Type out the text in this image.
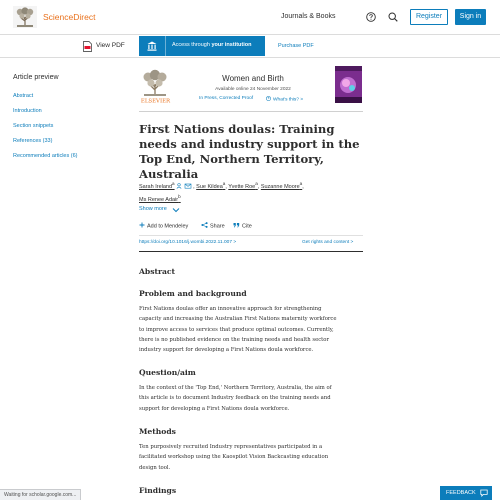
ScienceDirect	Journals & Books	Register	Sign in
View PDF	Access through your institution	Purchase PDF
Article preview
Abstract
Introduction
Section snippets
References (33)
Recommended articles (6)
ELSEVIER
Women and Birth
Available online 24 November 2022
In Press, Corrected Proof	What's this? >
First Nations doulas: Training needs and industry support in the Top End, Northern Territory, Australia
Sarah Ireland$^a$ , Sue Kildea$^a$, Yvette Roe$^a$, Suzanne Moore$^a$,
Ms Renee Adair$^b$
Show more
Add to Mendeley	Share	Cite
https://doi.org/10.1016/j.wombi.2022.11.007 >	Get rights and content >
Abstract
Problem and background
First Nations doulas offer an innovative approach for strengthening
capacity and increasing the Australian First Nations maternity workforce
to improve access to services that produce optimal outcomes. Currently,
there is no published evidence on the training needs and health sector
industry support for developing a First Nations doula workforce.
Question/aim
In the context of the 'Top End,' Northern Territory, Australia, the aim of
this article is to document Industry feedback on the training needs and
support for developing a First Nations doula workforce.
Methods
Ten purposively recruited Industry representatives participated in a
facilitated workshop using the Kaospilot Vision Backcasting education
design tool.
Findings
Waiting for scholar.google.com...	FEEDBACK
